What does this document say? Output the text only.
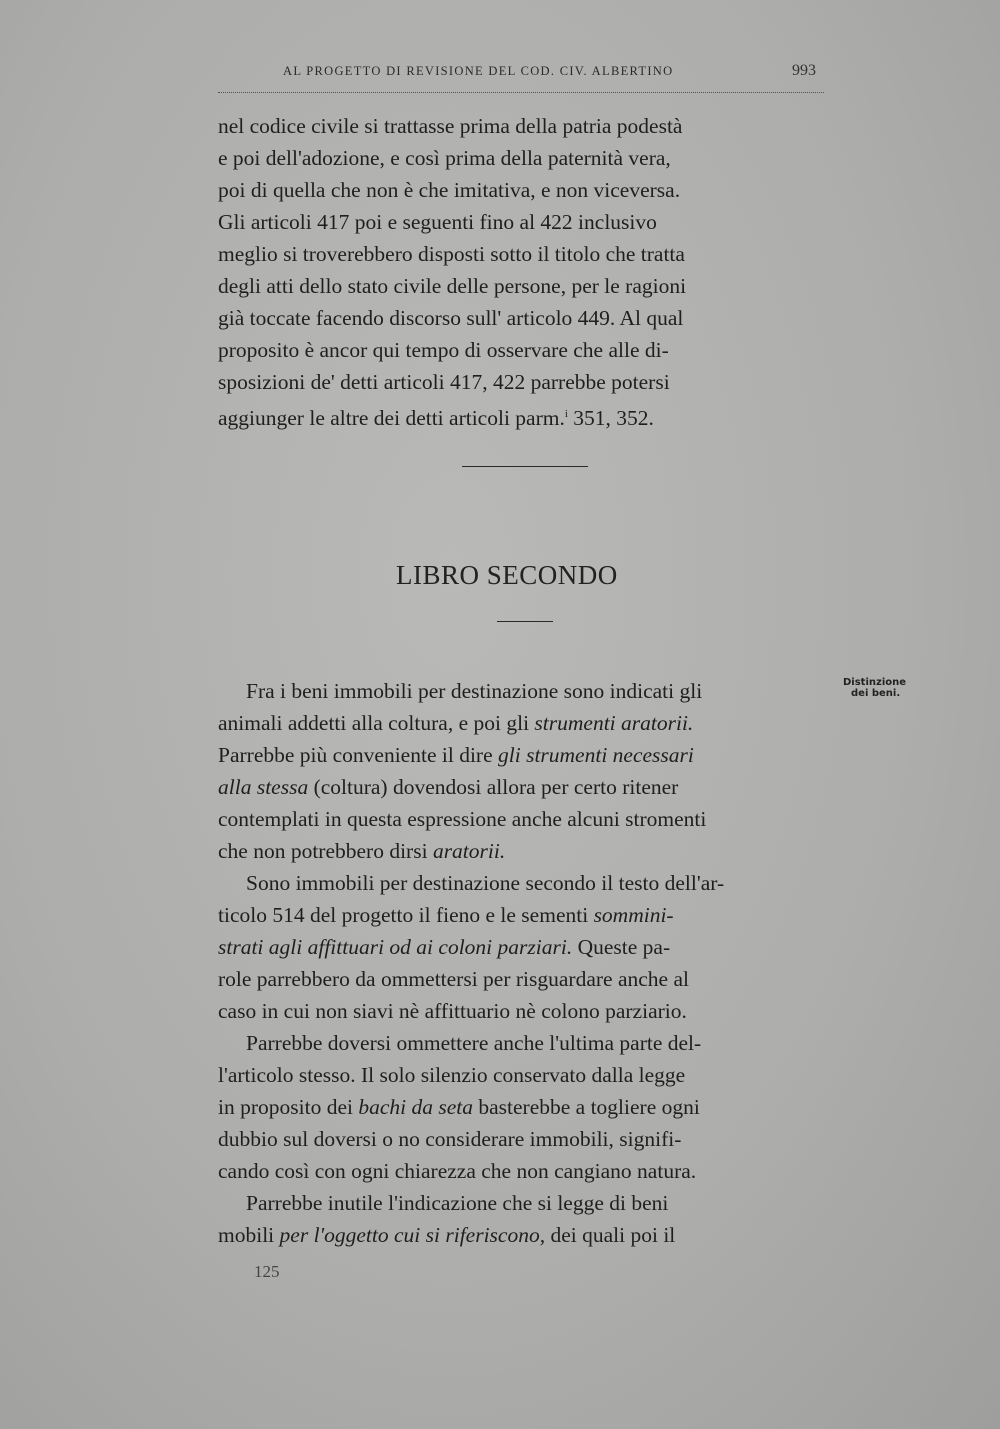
AL PROGETTO DI REVISIONE DEL COD. CIV. ALBERTINO	993
nel codice civile si trattasse prima della patria podestà
e poi dell'adozione, e così prima della paternità vera,
poi di quella che non è che imitativa, e non viceversa.
Gli articoli 417 poi e seguenti fino al 422 inclusivo
meglio si troverebbero disposti sotto il titolo che tratta
degli atti dello stato civile delle persone, per le ragioni
già toccate facendo discorso sull' articolo 449. Al qual
proposito è ancor qui tempo di osservare che alle di-
sposizioni de' detti articoli 417, 422 parrebbe potersi
aggiunger le altre dei detti articoli parm.$^i$ 351, 352.
LIBRO SECONDO
Distinzione
dei beni.
Fra i beni immobili per destinazione sono indicati gli
animali addetti alla coltura, e poi gli strumenti aratorii.
Parrebbe più conveniente il dire gli strumenti necessari
alla stessa (coltura) dovendosi allora per certo ritener
contemplati in questa espressione anche alcuni stromenti
che non potrebbero dirsi aratorii.
Sono immobili per destinazione secondo il testo dell'ar-
ticolo 514 del progetto il fieno e le sementi sommini-
strati agli affittuari od ai coloni parziari. Queste pa-
role parrebbero da ommettersi per risguardare anche al
caso in cui non siavi nè affittuario nè colono parziario.
Parrebbe doversi ommettere anche l'ultima parte del-
l'articolo stesso. Il solo silenzio conservato dalla legge
in proposito dei bachi da seta basterebbe a togliere ogni
dubbio sul doversi o no considerare immobili, signifi-
cando così con ogni chiarezza che non cangiano natura.
Parrebbe inutile l'indicazione che si legge di beni
mobili per l'oggetto cui si riferiscono, dei quali poi il
125
